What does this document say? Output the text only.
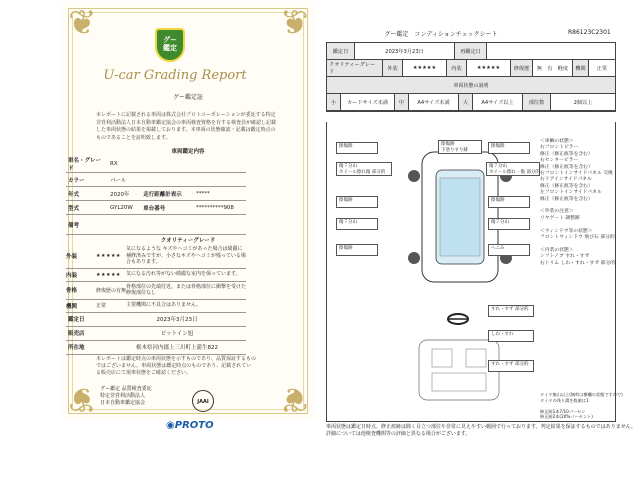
❦	❦
❦	❦
グー
鑑定
U-car Grading Report
グー鑑定証
本レポートに記載される車両は株式会社プロトコーポレーションが委託する特定非営利活動法人日本自動車鑑定協会の車両検査資格を有する検査員が確認し記載した車両状態の結果を掲載しております。本車両の状態確認・記載は鑑定時点のものであることを証明致します。
車両鑑定内容
車名・グレード	RX		
カラー	パール		
年式	2020年	走行距離計表示	*****
型式	GYL20W	車台番号	**********908
備考			
クオリティーグレード
外装	★★★★★
気になるような キズやヘコミがあった場合は綺麗に補修済みですが、小さなキズやヘコミが残っている場合もあります。
内装	★★★★★	気になる汚れ等がない綺麗な室内を保っています。
骨格	修復歴の有無
骨格部位の先端付近、または骨格部位に衝撃を受けた修復部位なし
機関	正常	主要機関に不具合はありません。
鑑定日	2023年3月23日
販売店	ピットイン旭
所在地	栃木県河内郡上三川町上蒲生822
本レポートは鑑定時点の車両状態を示すものであり、品質保証するものではございません。車両状態は鑑定時点のものであり、記載されている販売店にて現車状態をご確認ください。
グー鑑定 品質検査委託
特定非営利活動法人
日本自動車鑑定協会	JAAI
◉PROTO
グー鑑定　コンディションチェックシート	R86123C2301
鑑定日	2023年3月23日	再鑑定日
クオリティーグレード
外装	★★★★★	内装	★★★★★	修復歴	無　有　軽度	機関	正常
車両状態の説明
小	カードサイズ未満	中	A4サイズ未満	大	A4サイズ以上	部位数	2個以上
擦傷跡	擦傷跡
下塗りすり跡
擦傷跡
傷７分山
ホイール擦れ傷 部分的
傷７分山
ホイール擦れ・傷 部分的
擦傷跡	擦傷跡
傷７分山	傷７分山
擦傷跡	へこみ
すれ・すず 部分的
しわ・すれ
すれ・すず 部分的
＜車輌の状態＞
右フロントピラー
修正（修正痕等を含む）
右センターピラー
修正（修正痕等を含む）
右フロントインサイドパネル 交換
右リアインサイドパネル
修正（修正痕等を含む）
左フロントインサイドパネル
修正（修正痕等を含む）

＜外装の注意＞
リヤゲート 調整跡

＜ウィンドウ等の状態＞
フロントウィンドウ 飛び石 部分的

＜内装の状態＞
シフトノブ すれ・すず
右トリム しわ・すれ・すず 部分的
タイヤ無山以上(無料は横欄の状態ですので)
タイヤの残り溝を数値は1

修正跡1本7/10パーセン
修正跡2本(20%パーセント)
車両状態は鑑定日時点、修正痕跡は除く目立つ部位や非常に見えやすい範囲で行っております。判定結果を保証するものではありません。
詳細については他検査機関等の評価と異なる場合がございます。
